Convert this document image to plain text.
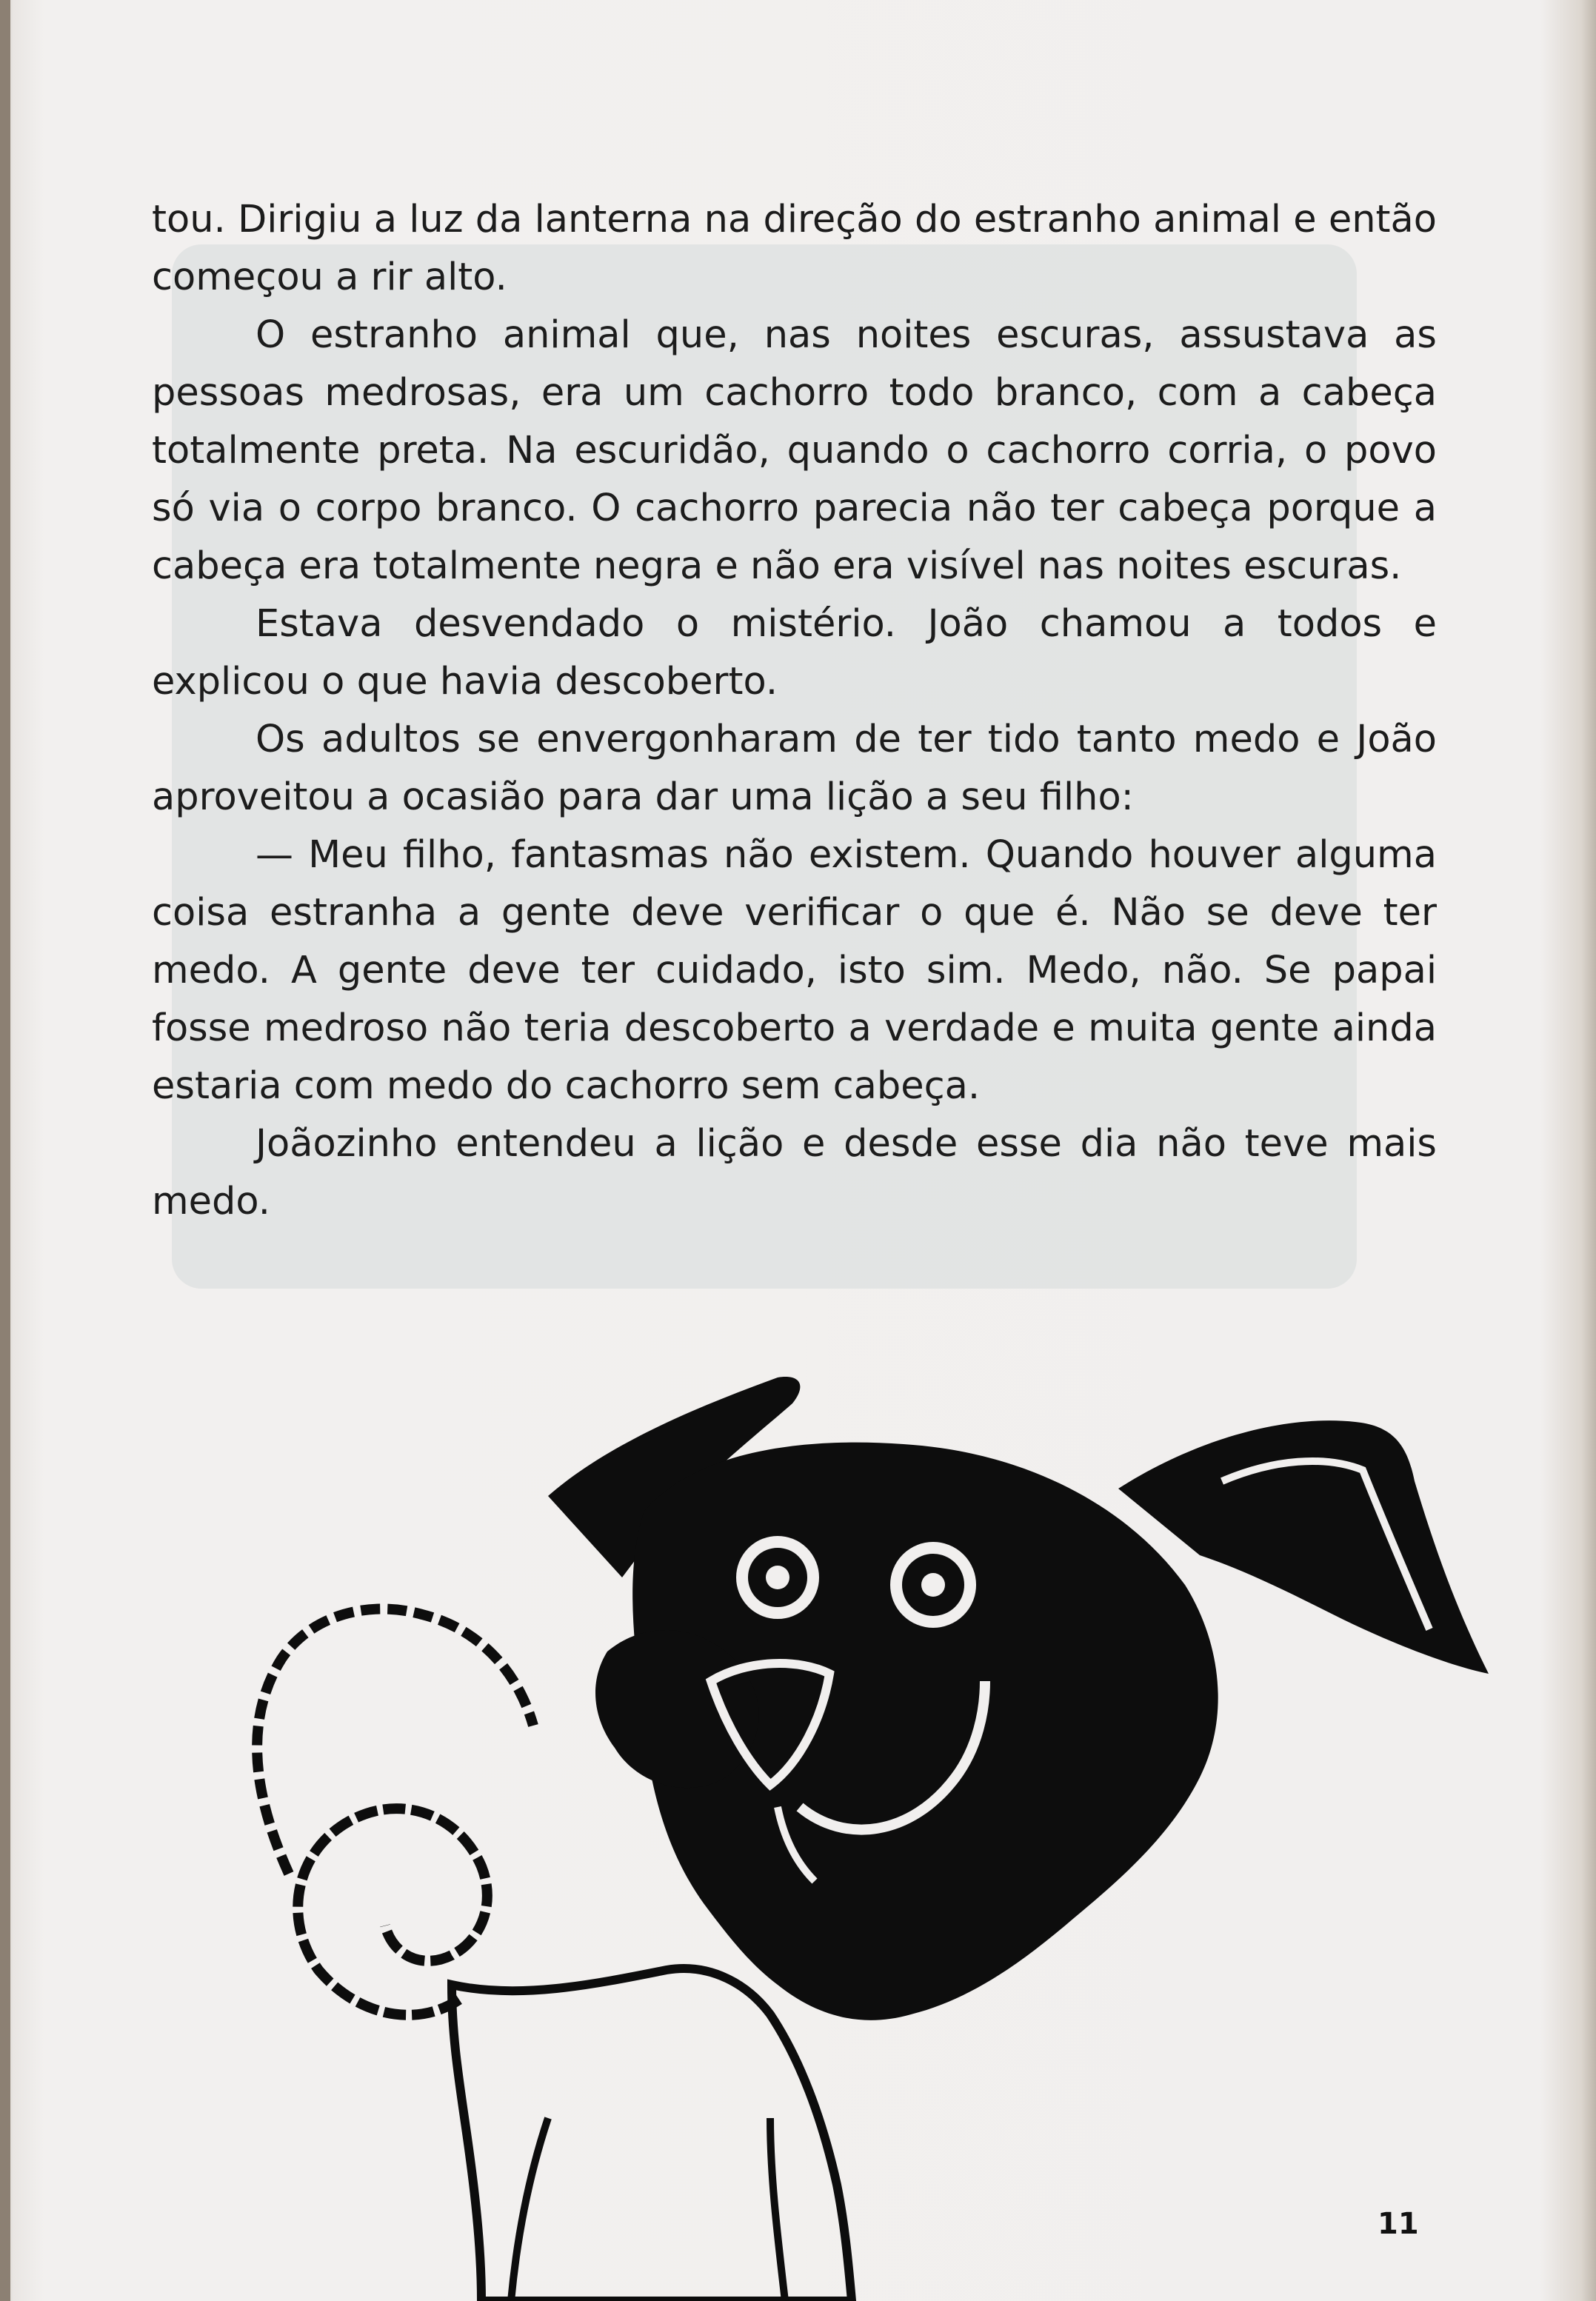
tou. Dirigiu a luz da lanterna na direção do estranho animal e então começou a rir alto.

O estranho animal que, nas noites escuras, assustava as pessoas medrosas, era um cachorro todo branco, com a cabeça totalmente preta. Na escuridão, quando o cachorro corria, o povo só via o corpo branco. O cachorro parecia não ter cabeça porque a cabeça era totalmente negra e não era visível nas noites escuras.

Estava desvendado o mistério. João chamou a todos e explicou o que havia descoberto.

Os adultos se envergonharam de ter tido tanto medo e João aproveitou a ocasião para dar uma lição a seu filho:

— Meu filho, fantasmas não existem. Quando houver alguma coisa estranha a gente deve verificar o que é. Não se deve ter medo. A gente deve ter cuidado, isto sim. Medo, não. Se papai fosse medroso não teria descoberto a verdade e muita gente ainda estaria com medo do cachorro sem cabeça.

Joãozinho entendeu a lição e desde esse dia não teve mais medo.

11
